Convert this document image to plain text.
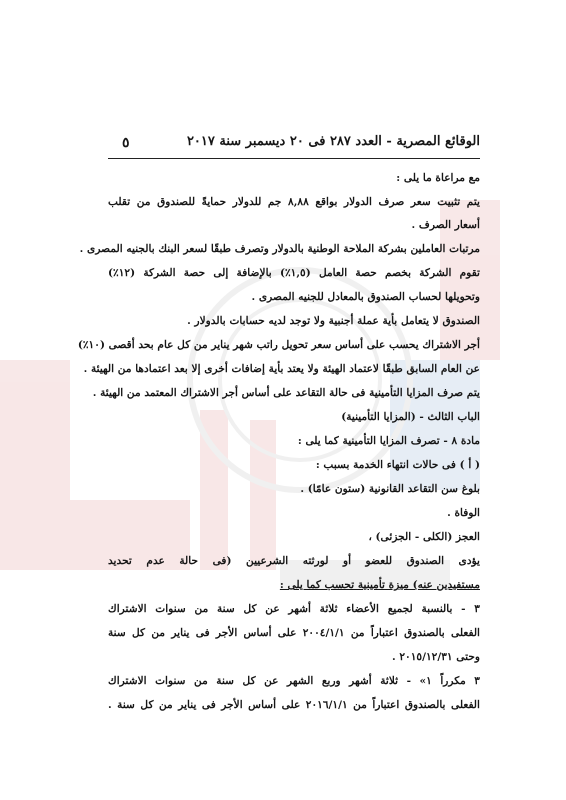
٥	الوقائع المصرية - العدد ٢٨٧ فى ٢٠ ديسمبر سنة ٢٠١٧
مع مراعاة ما يلى :
يتم تثبيت سعر صرف الدولار بواقع ٨,٨٨ جم للدولار حمايةً للصندوق من تقلب
أسعار الصرف .
مرتبات العاملين بشركة الملاحة الوطنية بالدولار وتصرف طبقًا لسعر البنك بالجنيه المصرى .
تقوم الشركة بخصم حصة العامل (١,٥٪) بالإضافة إلى حصة الشركة (١٢٪)
وتحويلها لحساب الصندوق بالمعادل للجنيه المصرى .
الصندوق لا يتعامل بأية عملة أجنبية ولا توجد لديه حسابات بالدولار .
أجر الاشتراك يحسب على أساس سعر تحويل راتب شهر يناير من كل عام بحد أقصى (١٠٪)
عن العام السابق طبقًا لاعتماد الهيئة ولا يعتد بأية إضافات أخرى إلا بعد اعتمادها من الهيئة .
يتم صرف المزايا التأمينية فى حالة التقاعد على أساس أجر الاشتراك المعتمد من الهيئة .
الباب الثالث - (المزايا التأمينية)
مادة ٨ - تصرف المزايا التأمينية كما يلى :
( أ ) فى حالات انتهاء الخدمة بسبب :
بلوغ سن التقاعد القانونية (ستون عامًا) .
الوفاة .
العجز (الكلى - الجزئى) ،
يؤدى الصندوق للعضو أو لورثته الشرعيين (فى حالة عدم تحديد
مستفيدين عنه) ميزة تأمينية تحسب كما يلى :
٣ - بالنسبة لجميع الأعضاء ثلاثة أشهر عن كل سنة من سنوات الاشتراك
الفعلى بالصندوق اعتباراً من ٢٠٠٤/١/١ على أساس الأجر فى يناير من كل سنة
وحتى ٢٠١٥/١٢/٣١ .
٣ مكرراً ١» - ثلاثة أشهر وربع الشهر عن كل سنة من سنوات الاشتراك
الفعلى بالصندوق اعتباراً من ٢٠١٦/١/١ على أساس الأجر فى يناير من كل سنة .
